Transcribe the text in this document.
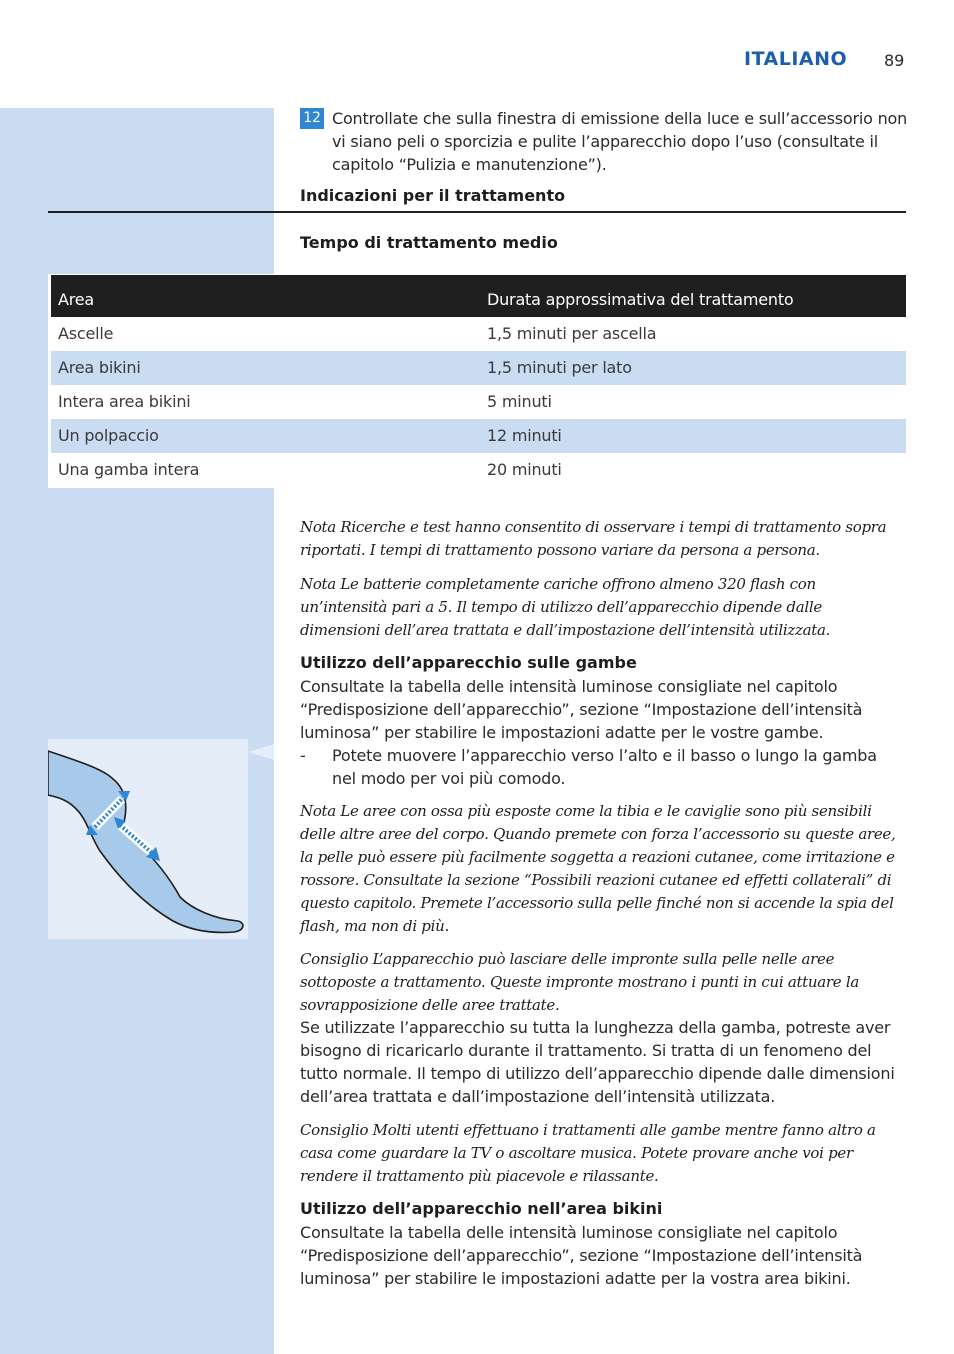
ITALIANO 89
12 Controllate che sulla finestra di emissione della luce e sull’accessorio non vi siano peli o sporcizia e pulite l’apparecchio dopo l’uso (consultate il capitolo “Pulizia e manutenzione”).
Indicazioni per il trattamento
Tempo di trattamento medio
Area	Durata approssimativa del trattamento
Ascelle	1,5 minuti per ascella
Area bikini	1,5 minuti per lato
Intera area bikini	5 minuti
Un polpaccio	12 minuti
Una gamba intera	20 minuti
Nota Ricerche e test hanno consentito di osservare i tempi di trattamento sopra riportati. I tempi di trattamento possono variare da persona a persona.
Nota Le batterie completamente cariche offrono almeno 320 flash con un’intensità pari a 5. Il tempo di utilizzo dell’apparecchio dipende dalle dimensioni dell’area trattata e dall’impostazione dell’intensità utilizzata.
Utilizzo dell’apparecchio sulle gambe
Consultate la tabella delle intensità luminose consigliate nel capitolo “Predisposizione dell’apparecchio”, sezione “Impostazione dell’intensità luminosa” per stabilire le impostazioni adatte per le vostre gambe.
- Potete muovere l’apparecchio verso l’alto e il basso o lungo la gamba nel modo per voi più comodo.
Nota Le aree con ossa più esposte come la tibia e le caviglie sono più sensibili delle altre aree del corpo. Quando premete con forza l’accessorio su queste aree, la pelle può essere più facilmente soggetta a reazioni cutanee, come irritazione e rossore. Consultate la sezione “Possibili reazioni cutanee ed effetti collaterali” di questo capitolo. Premete l’accessorio sulla pelle finché non si accende la spia del flash, ma non di più.
Consiglio L’apparecchio può lasciare delle impronte sulla pelle nelle aree sottoposte a trattamento. Queste impronte mostrano i punti in cui attuare la sovrapposizione delle aree trattate.
Se utilizzate l’apparecchio su tutta la lunghezza della gamba, potreste aver bisogno di ricaricarlo durante il trattamento. Si tratta di un fenomeno del tutto normale. Il tempo di utilizzo dell’apparecchio dipende dalle dimensioni dell’area trattata e dall’impostazione dell’intensità utilizzata.
Consiglio Molti utenti effettuano i trattamenti alle gambe mentre fanno altro a casa come guardare la TV o ascoltare musica. Potete provare anche voi per rendere il trattamento più piacevole e rilassante.
Utilizzo dell’apparecchio nell’area bikini
Consultate la tabella delle intensità luminose consigliate nel capitolo “Predisposizione dell’apparecchio”, sezione “Impostazione dell’intensità luminosa” per stabilire le impostazioni adatte per la vostra area bikini.
